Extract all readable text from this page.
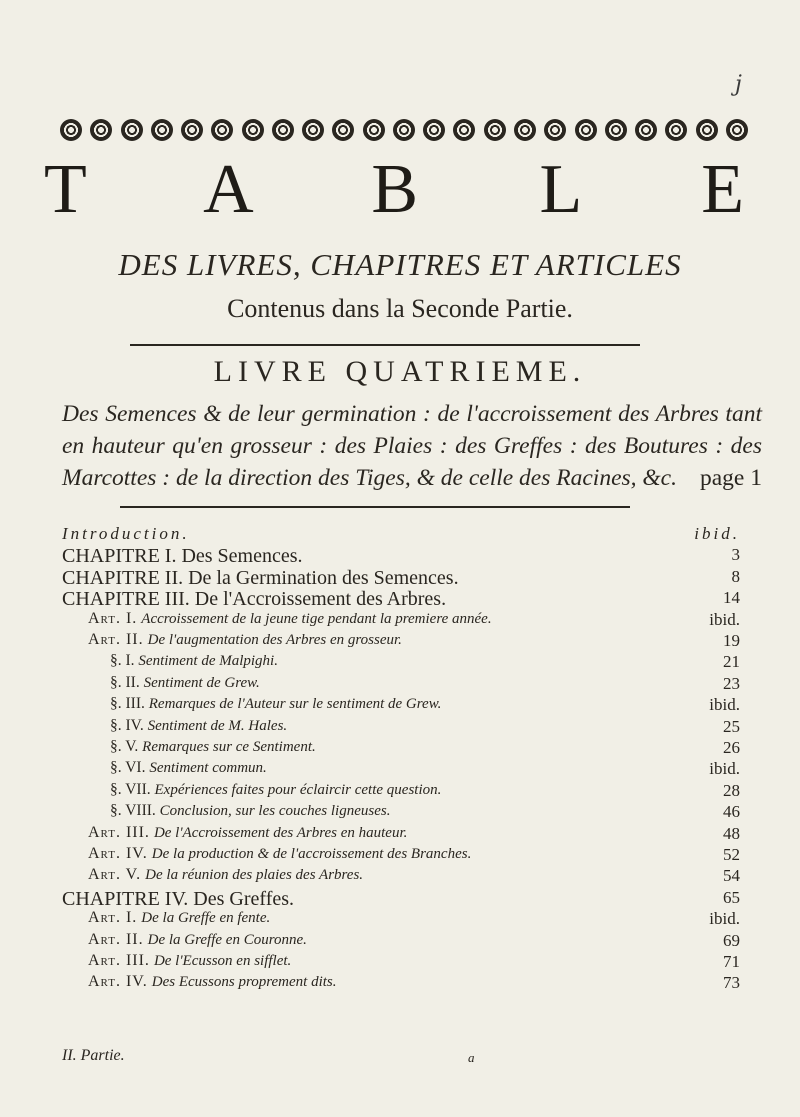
j
T A B L E
DES LIVRES, CHAPITRES ET ARTICLES
Contenus dans la Seconde Partie.
LIVRE QUATRIEME.
Des Semences & de leur germination : de l'accroissement des Arbres tant en hauteur qu'en grosseur : des Plaies : des Greffes : des Boutures : des Marcottes : de la direction des Tiges, & de celle des Racines, &c. page 1
Introduction.	ibid.
CHAPITRE I. Des Semences.	3
CHAPITRE II. De la Germination des Semences.	8
CHAPITRE III. De l'Accroissement des Arbres.	14
Art. I. Accroissement de la jeune tige pendant la premiere année.	ibid.
Art. II. De l'augmentation des Arbres en grosseur.	19
§. I. Sentiment de Malpighi.	21
§. II. Sentiment de Grew.	23
§. III. Remarques de l'Auteur sur le sentiment de Grew.	ibid.
§. IV. Sentiment de M. Hales.	25
§. V. Remarques sur ce Sentiment.	26
§. VI. Sentiment commun.	ibid.
§. VII. Expériences faites pour éclaircir cette question.	28
§. VIII. Conclusion, sur les couches ligneuses.	46
Art. III. De l'Accroissement des Arbres en hauteur.	48
Art. IV. De la production & de l'accroissement des Branches.	52
Art. V. De la réunion des plaies des Arbres.	54
CHAPITRE IV. Des Greffes.	65
Art. I. De la Greffe en fente.	ibid.
Art. II. De la Greffe en Couronne.	69
Art. III. De l'Ecusson en sifflet.	71
Art. IV. Des Ecussons proprement dits.	73
II. Partie.	a
